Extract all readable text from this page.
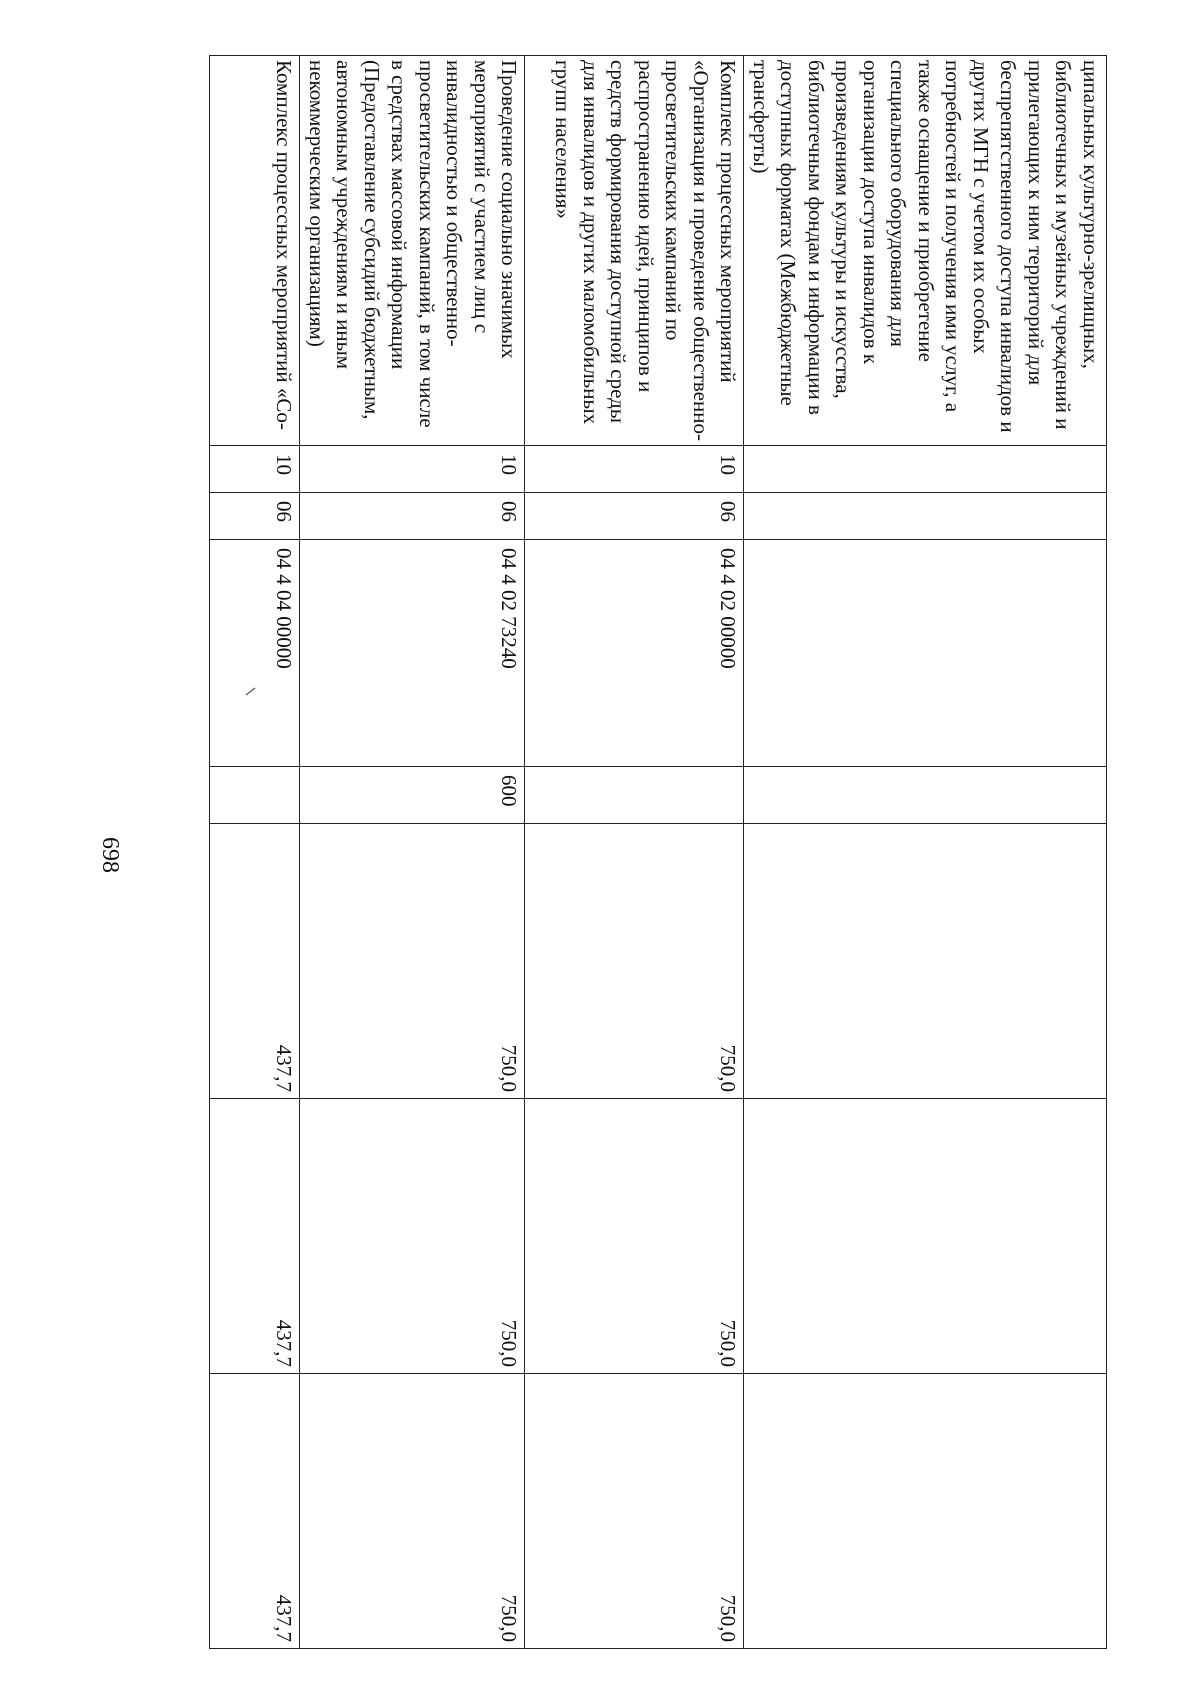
698
ципальных культурно-зрелищных, библиотечных и музейных учреждений и прилегающих к ним территорий для беспрепятственного доступа инвалидов и других МГН с учетом их особых потребностей и получения ими услуг, а также оснащение и приобретение специального оборудования для организации доступа инвалидов к произведениям культуры и искусства, библиотечным фондам и информации в доступных форматах (Межбюджетные трансферты)							
Комплекс процессных мероприятий «Организация и проведение общественно-просветительских кампаний по распространению идей, принципов и средств формирования доступной среды для инвалидов и других маломобильных групп населения»	10	06	04 4 02 00000		750,0	750,0	750,0
Проведение социально значимых мероприятий с участием лиц с инвалидностью и общественно-просветительских кампаний, в том числе в средствах массовой информации (Предоставление субсидий бюджетным, автономным учреждениям и иным некоммерческим организациям)	10	06	04 4 02 73240	600	750,0	750,0	750,0
Комплекс процессных мероприятий «Со-	10	06	04 4 04 00000		437,7	437,7	437,7
